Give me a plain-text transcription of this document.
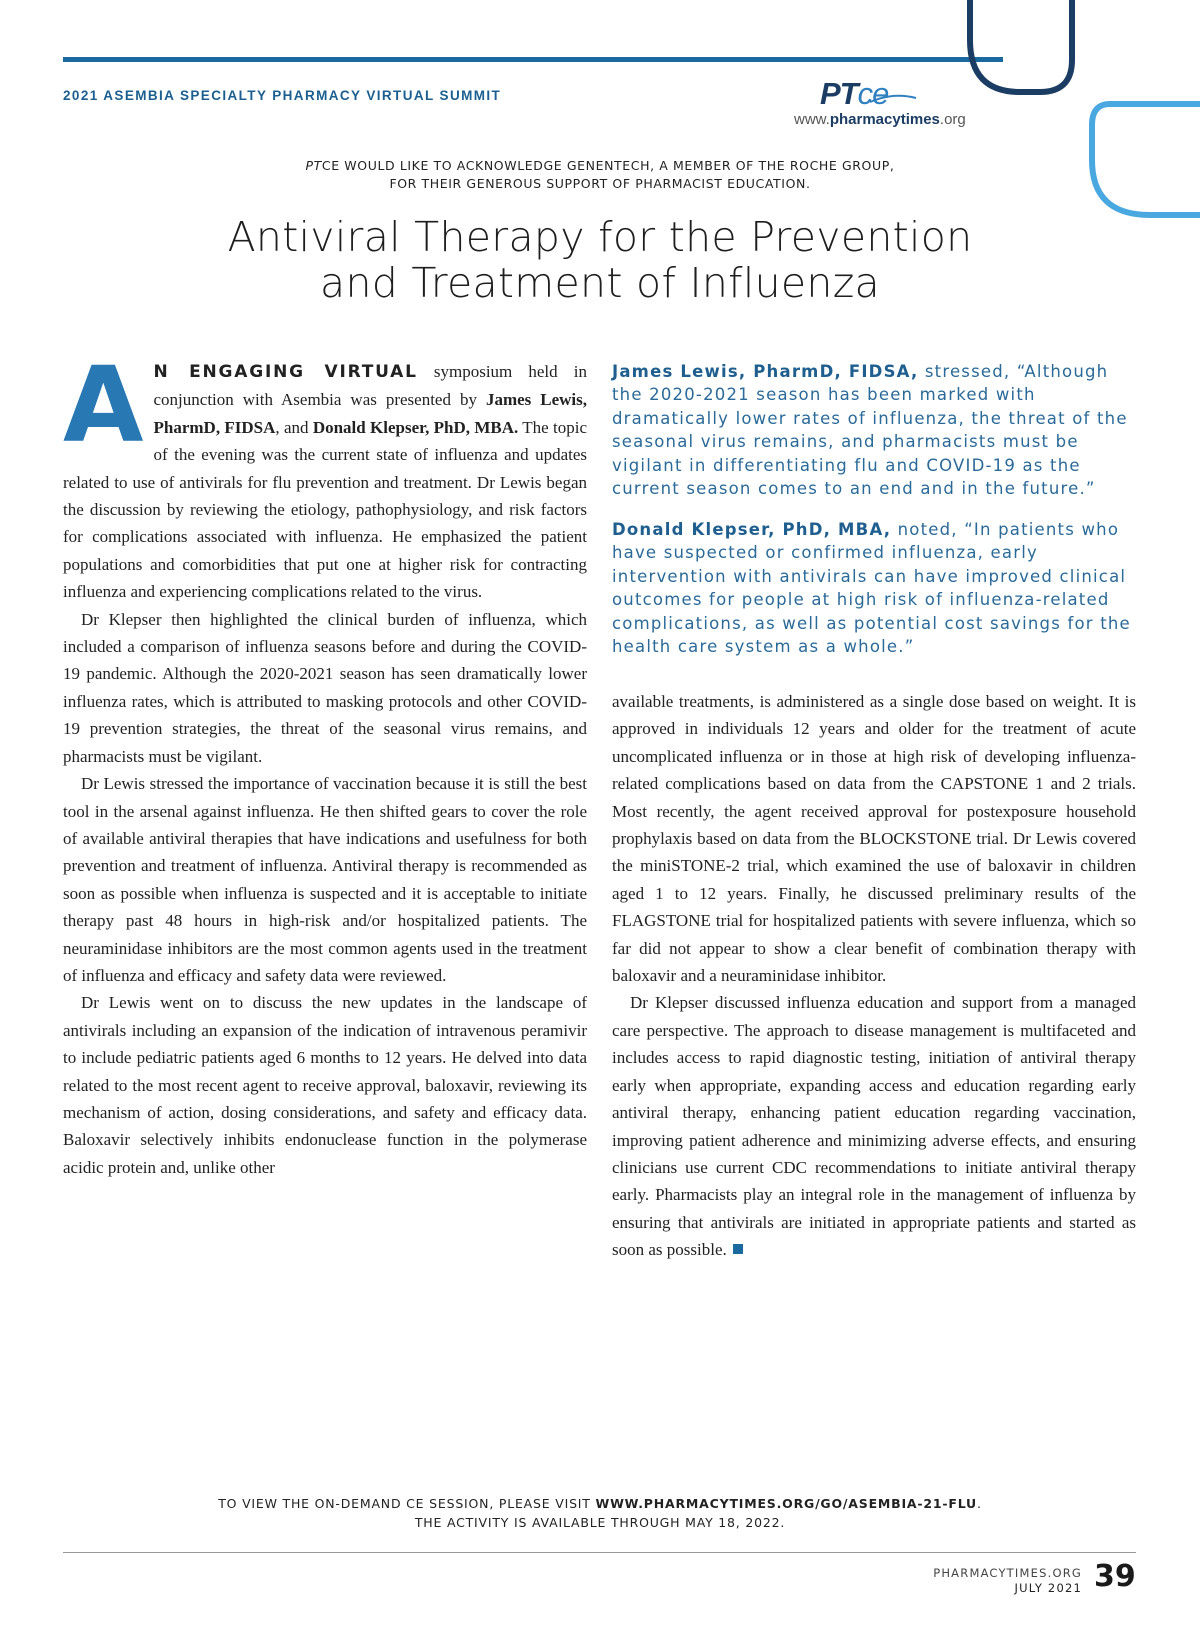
2021 ASEMBIA SPECIALTY PHARMACY VIRTUAL SUMMIT	PTce
www.pharmacytimes.org
PTCE WOULD LIKE TO ACKNOWLEDGE GENENTECH, A MEMBER OF THE ROCHE GROUP,
FOR THEIR GENEROUS SUPPORT OF PHARMACIST EDUCATION.
Antiviral Therapy for the Prevention
and Treatment of Influenza

A N ENGAGING VIRTUAL symposium held in conjunction with Asembia was presented by James Lewis, PharmD, FIDSA, and Donald Klepser, PhD, MBA. The topic of the evening was the current state of influenza and updates related to use of antivirals for flu prevention and treatment. Dr Lewis began the discussion by reviewing the etiology, pathophysiology, and risk factors for complications associated with influenza. He emphasized the patient populations and comorbidities that put one at higher risk for contracting influenza and experiencing complications related to the virus.

Dr Klepser then highlighted the clinical burden of influenza, which included a comparison of influenza seasons before and during the COVID-19 pandemic. Although the 2020-2021 season has seen dramatically lower influenza rates, which is attributed to masking protocols and other COVID-19 prevention strategies, the threat of the seasonal virus remains, and pharmacists must be vigilant.

Dr Lewis stressed the importance of vaccination because it is still the best tool in the arsenal against influenza. He then shifted gears to cover the role of available antiviral therapies that have indications and usefulness for both prevention and treatment of influenza. Antiviral therapy is recommended as soon as possible when influenza is suspected and it is acceptable to initiate therapy past 48 hours in high-risk and/or hospitalized patients. The neuraminidase inhibitors are the most common agents used in the treatment of influenza and efficacy and safety data were reviewed.

Dr Lewis went on to discuss the new updates in the landscape of antivirals including an expansion of the indication of intravenous peramivir to include pediatric patients aged 6 months to 12 years. He delved into data related to the most recent agent to receive approval, baloxavir, reviewing its mechanism of action, dosing considerations, and safety and efficacy data. Baloxavir selectively inhibits endonuclease function in the polymerase acidic protein and, unlike other

James Lewis, PharmD, FIDSA, stressed, “Although the 2020-2021 season has been marked with dramatically lower rates of influenza, the threat of the seasonal virus remains, and pharmacists must be vigilant in differentiating flu and COVID-19 as the current season comes to an end and in the future.”
Donald Klepser, PhD, MBA, noted, “In patients who have suspected or confirmed influenza, early intervention with antivirals can have improved clinical outcomes for people at high risk of influenza-related complications, as well as potential cost savings for the health care system as a whole.”

available treatments, is administered as a single dose based on weight. It is approved in individuals 12 years and older for the treatment of acute uncomplicated influenza or in those at high risk of developing influenza-related complications based on data from the CAPSTONE 1 and 2 trials. Most recently, the agent received approval for postexposure household prophylaxis based on data from the BLOCKSTONE trial. Dr Lewis covered the miniSTONE-2 trial, which examined the use of baloxavir in children aged 1 to 12 years. Finally, he discussed preliminary results of the FLAGSTONE trial for hospitalized patients with severe influenza, which so far did not appear to show a clear benefit of combination therapy with baloxavir and a neuraminidase inhibitor.

Dr Klepser discussed influenza education and support from a managed care perspective. The approach to disease management is multifaceted and includes access to rapid diagnostic testing, initiation of antiviral therapy early when appropriate, expanding access and education regarding early antiviral therapy, enhancing patient education regarding vaccination, improving patient adherence and minimizing adverse effects, and ensuring clinicians use current CDC recommendations to initiate antiviral therapy early. Pharmacists play an integral role in the management of influenza by ensuring that antivirals are initiated in appropriate patients and started as soon as possible.

TO VIEW THE ON-DEMAND CE SESSION, PLEASE VISIT WWW.PHARMACYTIMES.ORG/GO/ASEMBIA-21-FLU.
THE ACTIVITY IS AVAILABLE THROUGH MAY 18, 2022.
PHARMACYTIMES.ORG
JULY 2021 39
